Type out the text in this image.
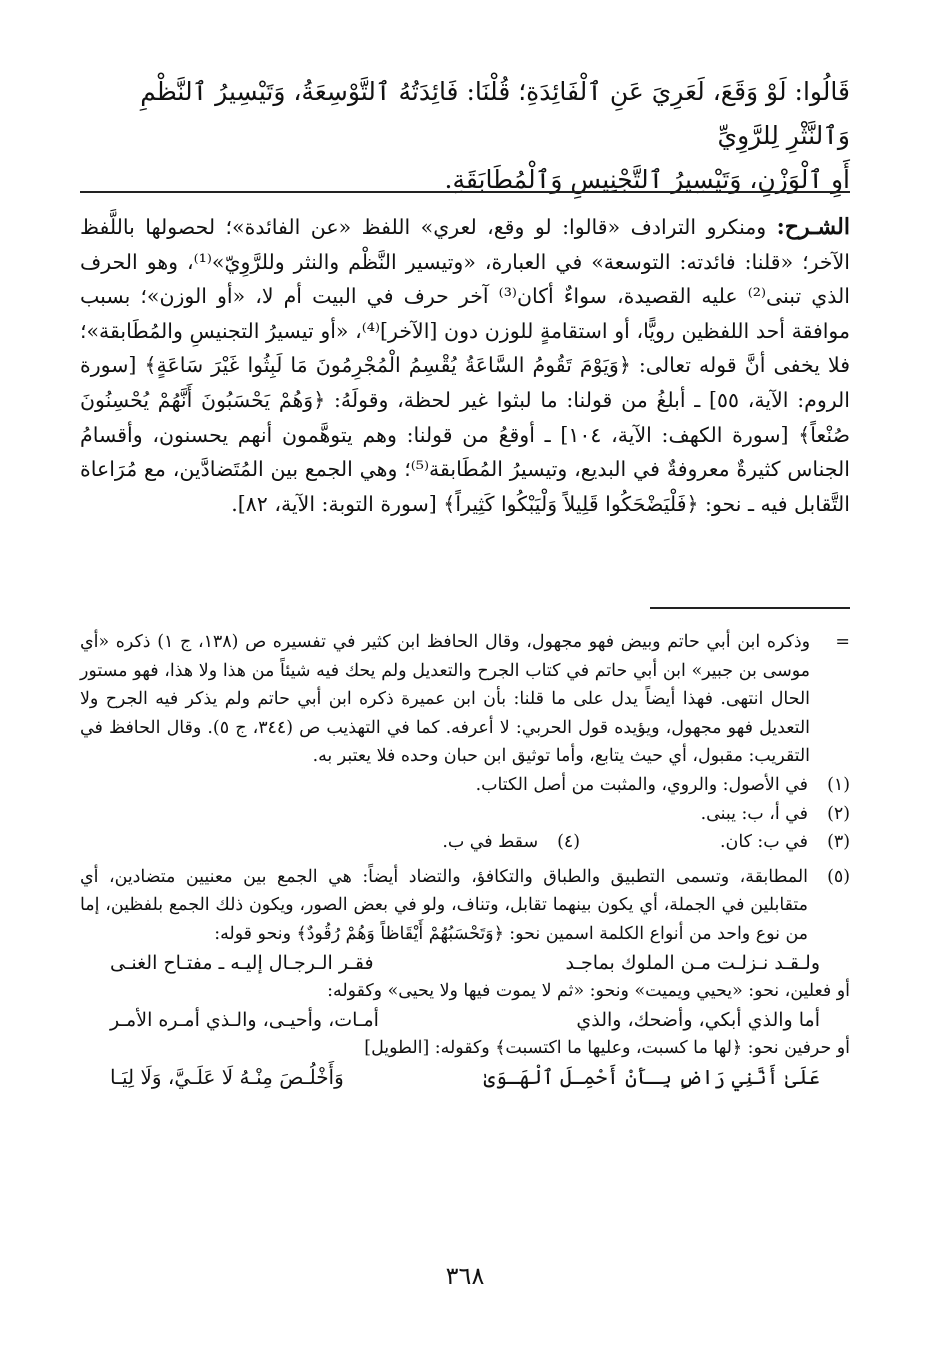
قَالُوا: لَوْ وَقَعَ، لَعَرِيَ عَنِ ٱلْفَائِدَةِ؛ قُلْنَا: فَائِدَتُهُ ٱلتَّوْسِعَةُ، وَتَيْسِيرُ ٱلنَّظْمِ وَٱلنَّثْرِ لِلرَّوِيِّ
أَوِ ٱلْوَزْنِ، وَتَيْسِيرُ ٱلتَّجْنِيسِ وَٱلْمُطَابَقَةِ.
الشـرح: ومنكرو الترادف «قالوا: لو وقع، لعري» اللفظ «عن الفائدة»؛ لحصولها باللَّفظ الآخر؛ «قلنا: فائدته: التوسعة» في العبارة، «وتيسير النَّظْم والنثر وللرَّوِيّ»⁽¹⁾، وهو الحرف الذي تبنى⁽²⁾ عليه القصيدة، سواءٌ أكان⁽³⁾ آخر حرف في البيت أم لا، «أو الوزن»؛ بسبب موافقة أحد اللفظين رويًّا، أو استقامةٍ للوزن دون [الآخر]⁽⁴⁾، «أو تيسيرُ التجنيسِ والمُطَابقة»؛ فلا يخفى أنَّ قوله تعالى: ﴿وَيَوْمَ تَقُومُ السَّاعَةُ يُقْسِمُ الْمُجْرِمُونَ مَا لَبِثُوا غَيْرَ سَاعَةٍ﴾ [سورة الروم: الآية، ٥٥] ـ أبلغُ من قولنا: ما لبثوا غير لحظة، وقولَهُ: ﴿وَهُمْ يَحْسَبُونَ أَنَّهُمْ يُحْسِنُونَ صُنْعاً﴾ [سورة الكهف: الآية، ١٠٤] ـ أوقعُ من قولنا: وهم يتوهَّمون أنهم يحسنون، وأقسامُ الجناس كثيرةٌ معروفةٌ في البديع، وتيسيرُ المُطَابقة⁽⁵⁾؛ وهي الجمع بين المُتَضادَّين، مع مُرَاعاة التَّقابل فيه ـ نحو: ﴿فَلْيَضْحَكُوا قَلِيلاً وَلْيَبْكُوا كَثِيراً﴾ [سورة التوبة: الآية، ٨٢].
=
وذكره ابن أبي حاتم وبيض فهو مجهول، وقال الحافظ ابن كثير في تفسيره ص (١٣٨، ج ١) ذكره «أي موسى بن جبير» ابن أبي حاتم في كتاب الجرح والتعديل ولم يحك فيه شيئاً من هذا ولا هذا، فهو مستور الحال انتهى. فهذا أيضاً يدل على ما قلنا: بأن ابن عميرة ذكره ابن أبي حاتم ولم يذكر فيه الجرح ولا التعديل فهو مجهول، ويؤيده قول الحربي: لا أعرفه. كما في التهذيب ص (٣٤٤، ج ٥). وقال الحافظ في التقريب: مقبول، أي حيث يتابع، وأما توثيق ابن حبان وحده فلا يعتبر به.
(١)
في الأصول: والروي، والمثبت من أصل الكتاب.
(٢)
في أ، ب: يبنى.
(٣)
في ب: كان.
(٤)
سقط في ب.
(٥)
المطابقة، وتسمى التطبيق والطباق والتكافؤ، والتضاد أيضاً: هي الجمع بين معنيين متضادين، أي متقابلين في الجملة، أي يكون بينهما تقابل، وتناف، ولو في بعض الصور، ويكون ذلك الجمع بلفظين، إما من نوع واحد من أنواع الكلمة اسمين نحو: ﴿وَتَحْسَبُهُمْ أَيْقَاظاً وَهُمْ رُقُودٌ﴾ ونحو قوله:
ولـقـد نـزلـت مـن الملوك بماجـد
فقـر الـرجـال إليـه ـ مفتـاح الغنـى
أو فعلين، نحو: «يحيي ويميت» ونحو: «ثم لا يموت فيها ولا يحيى» وكقوله:
أما والذي أبكي، وأضحك، والذي
أمـات، وأحيـى، والـذي أمـره الأمـر
أو حرفين نحو: ﴿لها ما كسبت، وعليها ما اكتسبت﴾ وكقوله: [الطويل]
عَلَىٰ أَنَّنِي رَاضٍ بِـأَنْ أَحْمِـلَ ٱلْهَـوَىٰ
وَأَخْلُـصَ مِنْـهُ لَا عَلَـيَّ، وَلَا لِيَـا
٣٦٨
